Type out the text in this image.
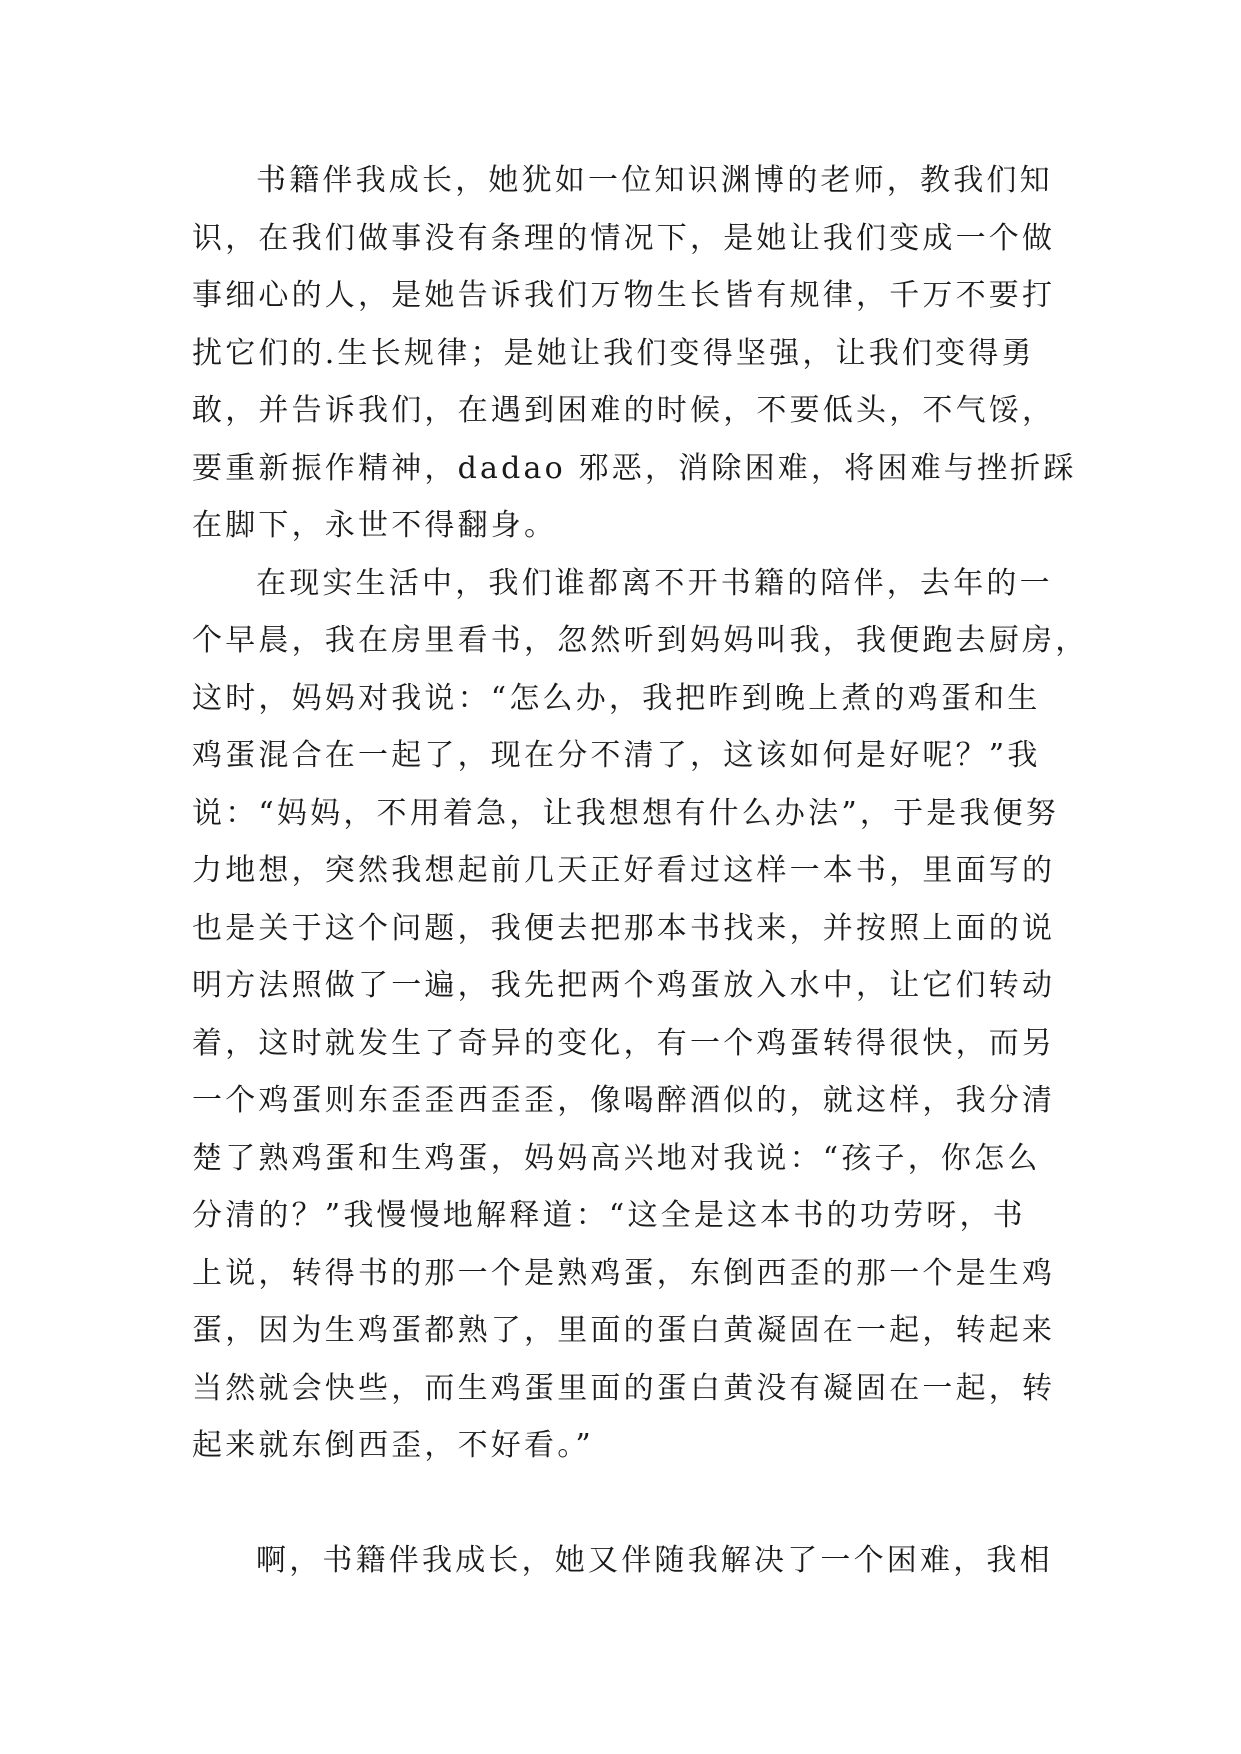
书籍伴我成长，她犹如一位知识渊博的老师，教我们知
识，在我们做事没有条理的情况下，是她让我们变成一个做
事细心的人，是她告诉我们万物生长皆有规律，千万不要打
扰它们的.生长规律；是她让我们变得坚强，让我们变得勇
敢，并告诉我们，在遇到困难的时候，不要低头，不气馁，
要重新振作精神，dadao 邪恶，消除困难，将困难与挫折踩
在脚下，永世不得翻身。
在现实生活中，我们谁都离不开书籍的陪伴，去年的一
个早晨，我在房里看书，忽然听到妈妈叫我，我便跑去厨房，
这时，妈妈对我说：“怎么办，我把昨到晚上煮的鸡蛋和生
鸡蛋混合在一起了，现在分不清了，这该如何是好呢？”我
说：“妈妈，不用着急，让我想想有什么办法”，于是我便努
力地想，突然我想起前几天正好看过这样一本书，里面写的
也是关于这个问题，我便去把那本书找来，并按照上面的说
明方法照做了一遍，我先把两个鸡蛋放入水中，让它们转动
着，这时就发生了奇异的变化，有一个鸡蛋转得很快，而另
一个鸡蛋则东歪歪西歪歪，像喝醉酒似的，就这样，我分清
楚了熟鸡蛋和生鸡蛋，妈妈高兴地对我说：“孩子，你怎么
分清的？”我慢慢地解释道：“这全是这本书的功劳呀，书
上说，转得书的那一个是熟鸡蛋，东倒西歪的那一个是生鸡
蛋，因为生鸡蛋都熟了，里面的蛋白黄凝固在一起，转起来
当然就会快些，而生鸡蛋里面的蛋白黄没有凝固在一起，转
起来就东倒西歪，不好看。”
啊，书籍伴我成长，她又伴随我解决了一个困难，我相
